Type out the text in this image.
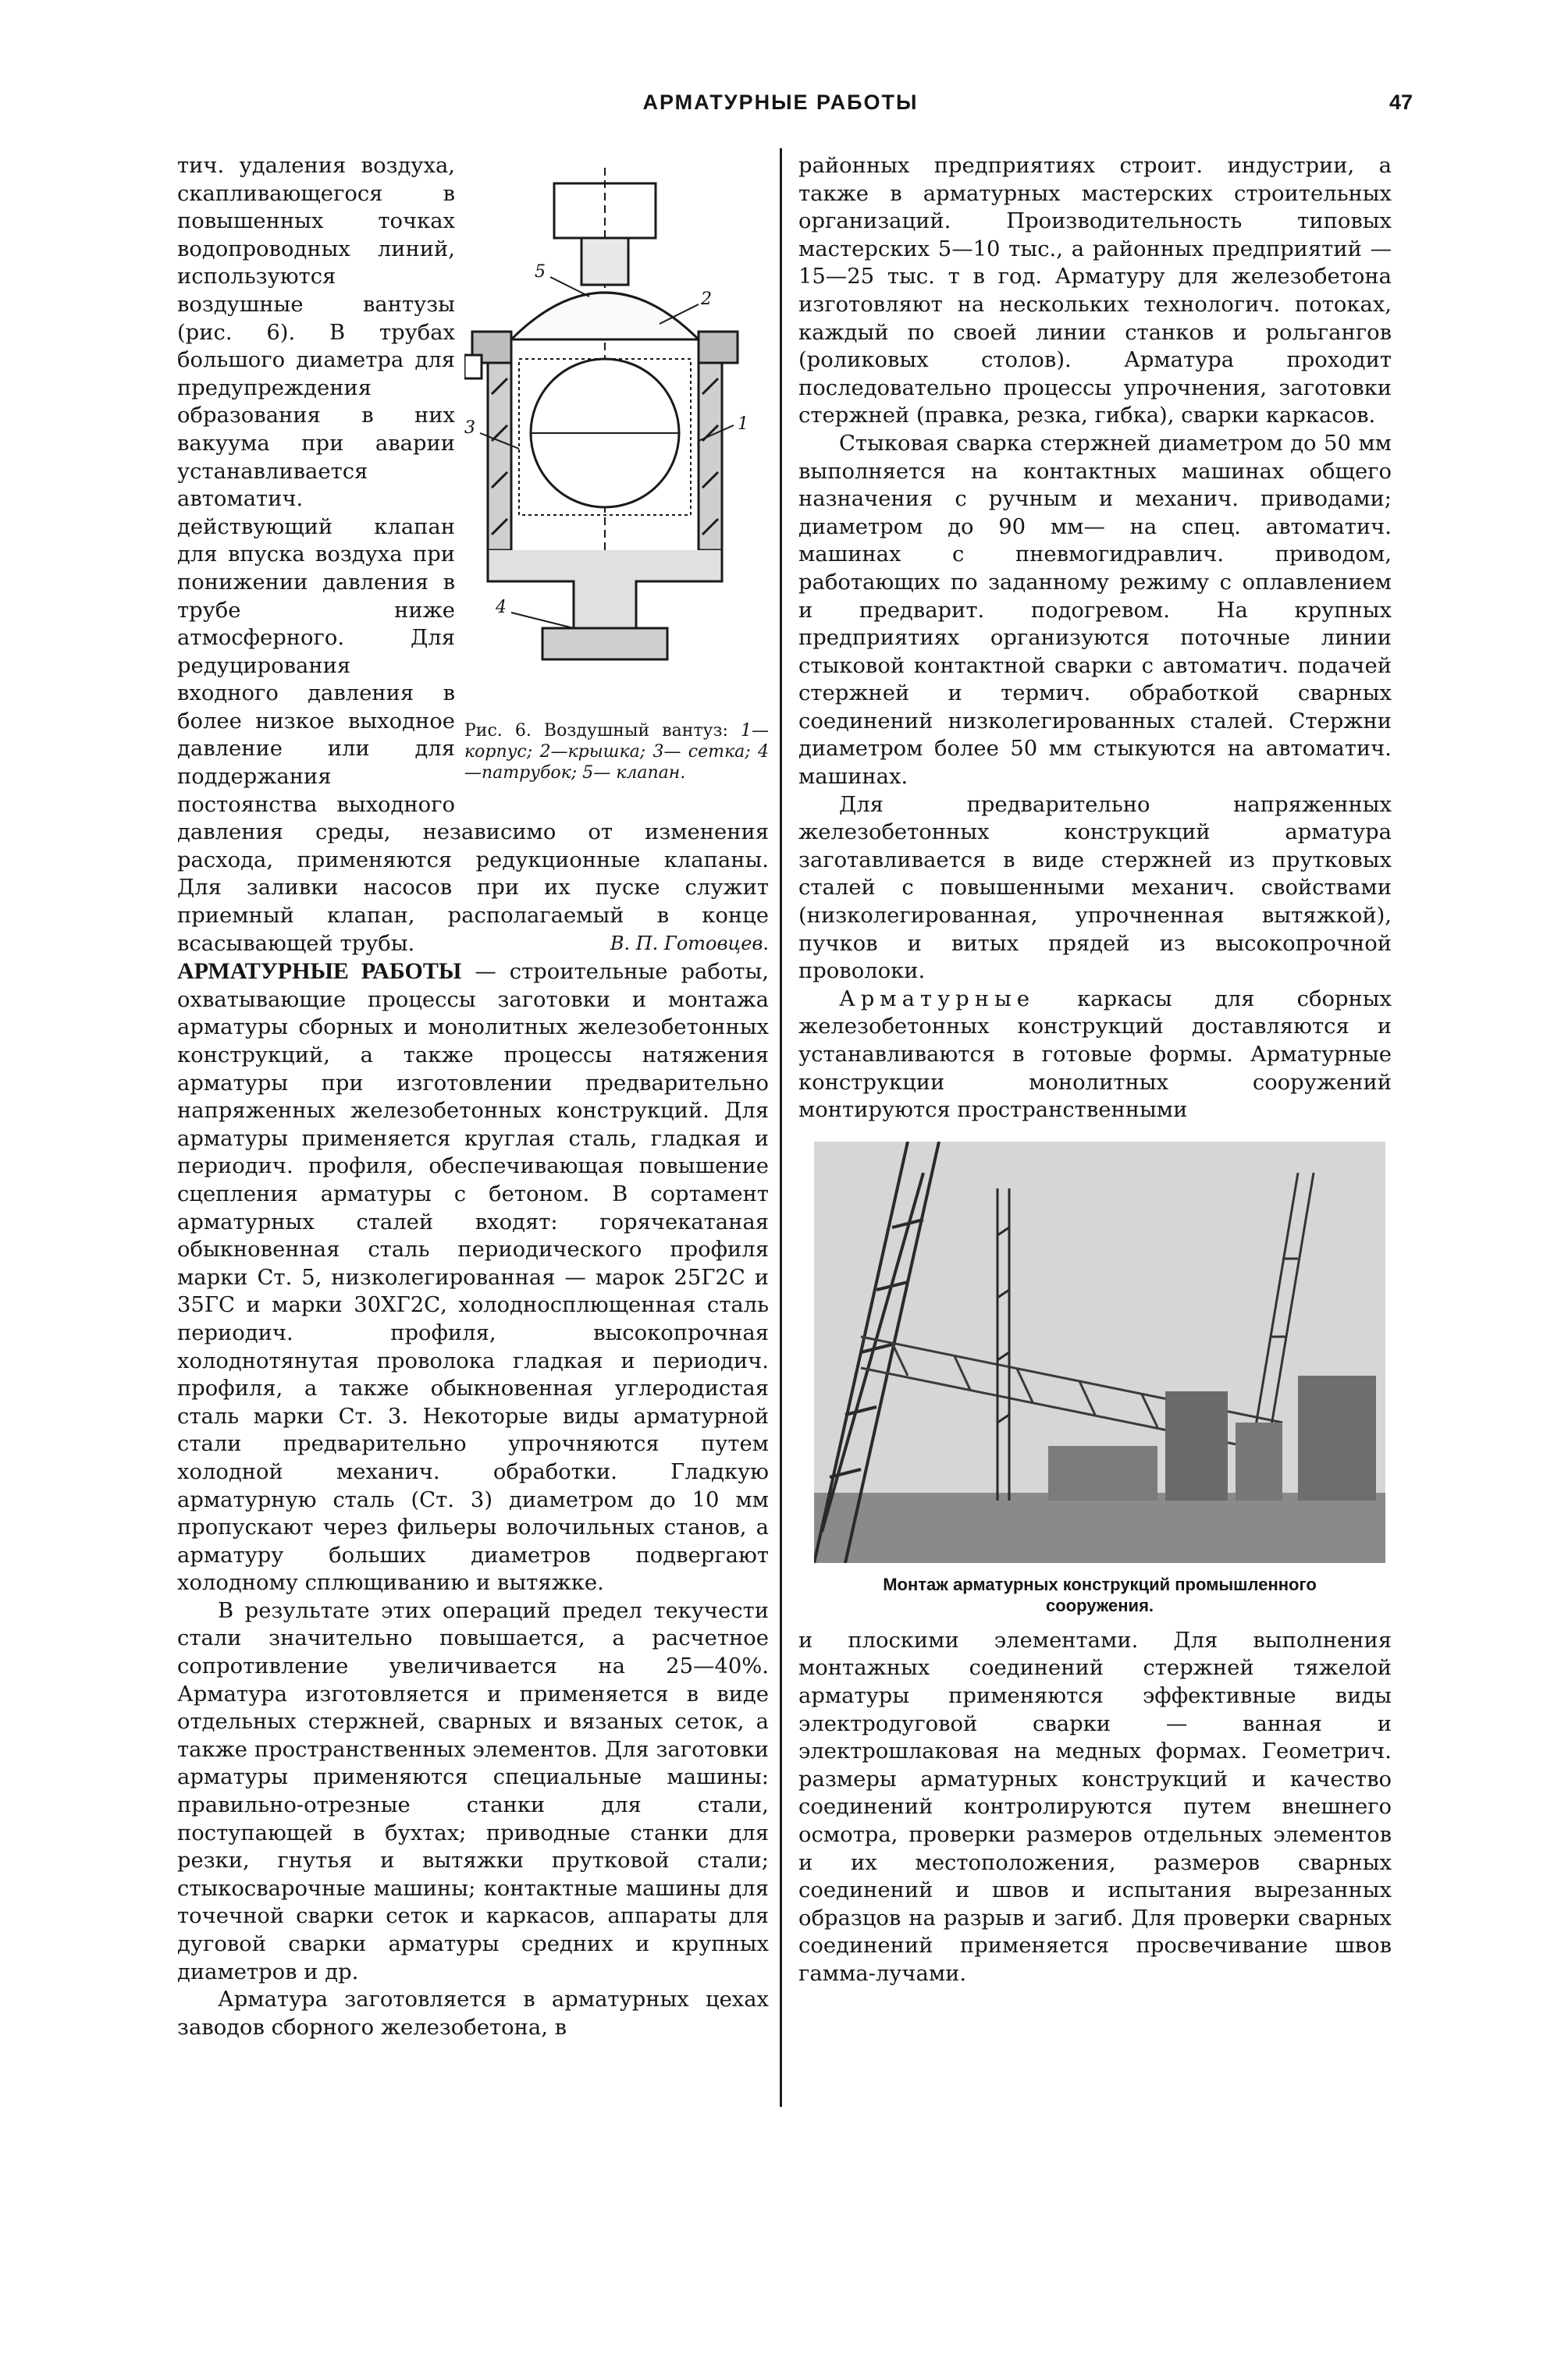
АРМАТУРНЫЕ РАБОТЫ	47
5
2
1
3
4
Рис. 6. Воздушный вантуз: 1—корпус; 2—крышка; 3— сетка; 4—патрубок; 5— клапан.

тич. удаления воздуха, скапливающегося в повышенных точках водопроводных линий, используются воздушные вантузы (рис. 6). В трубах большого диаметра для предупреждения образования в них вакуума при аварии устанавливается автоматич. действующий клапан для впуска воздуха при понижении давления в трубе ниже атмосферного. Для редуцирования входного давления в более низкое выходное давление или для поддержания постоянства выходного давления среды, независимо от изменения расхода, применяются редукционные клапаны. Для заливки насосов при их пуске служит приемный клапан, располагаемый в конце всасывающей трубы.	В. П. Готовцев.

АРМАТУРНЫЕ РАБОТЫ — строительные работы, охватывающие процессы заготовки и монтажа арматуры сборных и монолитных железобетонных конструкций, а также процессы натяжения арматуры при изготовлении предварительно напряженных железобетонных конструкций. Для арматуры применяется круглая сталь, гладкая и периодич. профиля, обеспечивающая повышение сцепления арматуры с бетоном. В сортамент арматурных сталей входят: горячекатаная обыкновенная сталь периодического профиля марки Ст. 5, низколегированная — марок 25Г2С и 35ГС и марки 30ХГ2С, холодносплющенная сталь периодич. профиля, высокопрочная холоднотянутая проволока гладкая и периодич. профиля, а также обыкновенная углеродистая сталь марки Ст. 3. Некоторые виды арматурной стали предварительно упрочняются путем холодной механич. обработки. Гладкую арматурную сталь (Ст. 3) диаметром до 10 мм пропускают через фильеры волочильных станов, а арматуру больших диаметров подвергают холодному сплющиванию и вытяжке.

В результате этих операций предел текучести стали значительно повышается, а расчетное сопротивление увеличивается на 25—40%. Арматура изготовляется и применяется в виде отдельных стержней, сварных и вязаных сеток, а также пространственных элементов. Для заготовки арматуры применяются специальные машины: правильно-отрезные станки для стали, поступающей в бухтах; приводные станки для резки, гнутья и вытяжки прутковой стали; стыкосварочные машины; контактные машины для точечной сварки сеток и каркасов, аппараты для дуговой сварки арматуры средних и крупных диаметров и др.

Арматура заготовляется в арматурных цехах заводов сборного железобетона, в

районных предприятиях строит. индустрии, а также в арматурных мастерских строительных организаций. Производительность типовых мастерских 5—10 тыс., а районных предприятий — 15—25 тыс. т в год. Арматуру для железобетона изготовляют на нескольких технологич. потоках, каждый по своей линии станков и рольгангов (роликовых столов). Арматура проходит последовательно процессы упрочнения, заготовки стержней (правка, резка, гибка), сварки каркасов.

Стыковая сварка стержней диаметром до 50 мм выполняется на контактных машинах общего назначения с ручным и механич. приводами; диаметром до 90 мм— на спец. автоматич. машинах с пневмогидравлич. приводом, работающих по заданному режиму с оплавлением и предварит. подогревом. На крупных предприятиях организуются поточные линии стыковой контактной сварки с автоматич. подачей стержней и термич. обработкой сварных соединений низколегированных сталей. Стержни диаметром более 50 мм стыкуются на автоматич. машинах.

Для предварительно напряженных железобетонных конструкций арматура заготавливается в виде стержней из прутковых сталей с повышенными механич. свойствами (низколегированная, упрочненная вытяжкой), пучков и витых прядей из высокопрочной проволоки.

Арматурные каркасы для сборных железобетонных конструкций доставляются и устанавливаются в готовые формы. Арматурные конструкции монолитных сооружений монтируются пространственными

Монтаж арматурных конструкций промышленного сооружения.

и плоскими элементами. Для выполнения монтажных соединений стержней тяжелой арматуры применяются эффективные виды электродуговой сварки — ванная и электрошлаковая на медных формах. Геометрич. размеры арматурных конструкций и качество соединений контролируются путем внешнего осмотра, проверки размеров отдельных элементов и их местоположения, размеров сварных соединений и швов и испытания вырезанных образцов на разрыв и загиб. Для проверки сварных соединений применяется просвечивание швов гамма-лучами.
